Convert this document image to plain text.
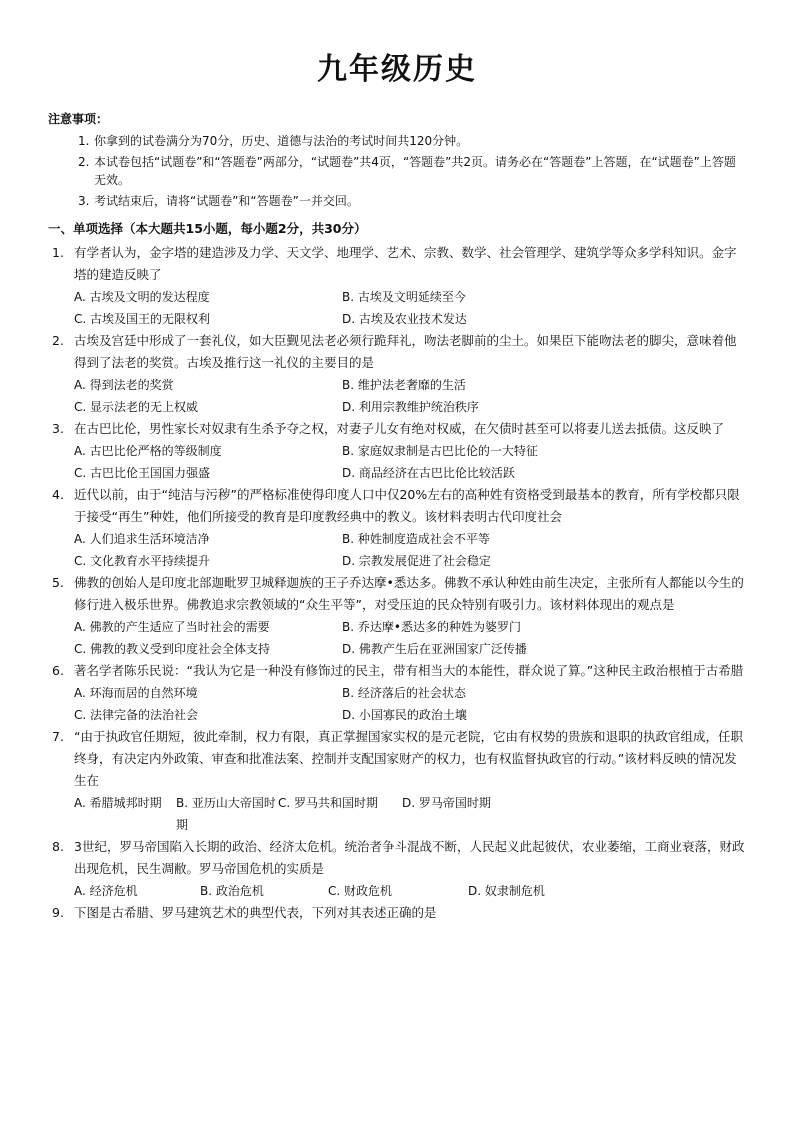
九年级历史
注意事项：
1. 你拿到的试卷满分为70分，历史、道德与法治的考试时间共120分钟。
2. 本试卷包括“试题卷”和“答题卷”两部分，“试题卷”共4页，“答题卷”共2页。请务必在“答题卷”上答题，在“试题卷”上答题无效。
3. 考试结束后，请将“试题卷”和“答题卷”一并交回。
一、单项选择（本大题共15小题，每小题2分，共30分）
1. 有学者认为，金字塔的建造涉及力学、天文学、地理学、艺术、宗教、数学、社会管理学、建筑学等众多学科知识。金字塔的建造反映了
A. 古埃及文明的发达程度	B. 古埃及文明延续至今
C. 古埃及国王的无限权利	D. 古埃及农业技术发达
2. 古埃及宫廷中形成了一套礼仪，如大臣觐见法老必须行跪拜礼，吻法老脚前的尘土。如果臣下能吻法老的脚尖，意味着他得到了法老的奖赏。古埃及推行这一礼仪的主要目的是
A. 得到法老的奖赏	B. 维护法老奢靡的生活
C. 显示法老的无上权威	D. 利用宗教维护统治秩序
3. 在古巴比伦，男性家长对奴隶有生杀予夺之权，对妻子儿女有绝对权威，在欠债时甚至可以将妻儿送去抵债。这反映了
A. 古巴比伦严格的等级制度	B. 家庭奴隶制是古巴比伦的一大特征
C. 古巴比伦王国国力强盛	D. 商品经济在古巴比伦比较活跃
4. 近代以前，由于“纯洁与污秽”的严格标准使得印度人口中仅20%左右的高种姓有资格受到最基本的教育，所有学校都只限于接受“再生”种姓，他们所接受的教育是印度教经典中的教义。该材料表明古代印度社会
A. 人们追求生活环境洁净	B. 种姓制度造成社会不平等
C. 文化教育水平持续提升	D. 宗教发展促进了社会稳定
5. 佛教的创始人是印度北部迦毗罗卫城释迦族的王子乔达摩•悉达多。佛教不承认种姓由前生决定，主张所有人都能以今生的修行进入极乐世界。佛教追求宗教领域的“众生平等”，对受压迫的民众特别有吸引力。该材料体现出的观点是
A. 佛教的产生适应了当时社会的需要	B. 乔达摩•悉达多的种姓为婆罗门
C. 佛教的教义受到印度社会全体支持	D. 佛教产生后在亚洲国家广泛传播
6. 著名学者陈乐民说：“我认为它是一种没有修饰过的民主，带有相当大的本能性，群众说了算。”这种民主政治根植于古希腊
A. 环海而居的自然环境	B. 经济落后的社会状态
C. 法律完备的法治社会	D. 小国寡民的政治土壤
7. “由于执政官任期短，彼此牵制，权力有限，真正掌握国家实权的是元老院，它由有权势的贵族和退职的执政官组成，任职终身，有决定内外政策、审查和批准法案、控制并支配国家财产的权力，也有权监督执政官的行动。”该材料反映的情况发生在
A. 希腊城邦时期	B. 亚历山大帝国时期
C. 罗马共和国时期	D. 罗马帝国时期
8. 3世纪，罗马帝国陷入长期的政治、经济太危机。统治者争斗混战不断，人民起义此起彼伏，农业萎缩，工商业衰落，财政出现危机，民生凋敝。罗马帝国危机的实质是
A. 经济危机	B. 政治危机	C. 财政危机	D. 奴隶制危机
9. 下图是古希腊、罗马建筑艺术的典型代表，下列对其表述正确的是
